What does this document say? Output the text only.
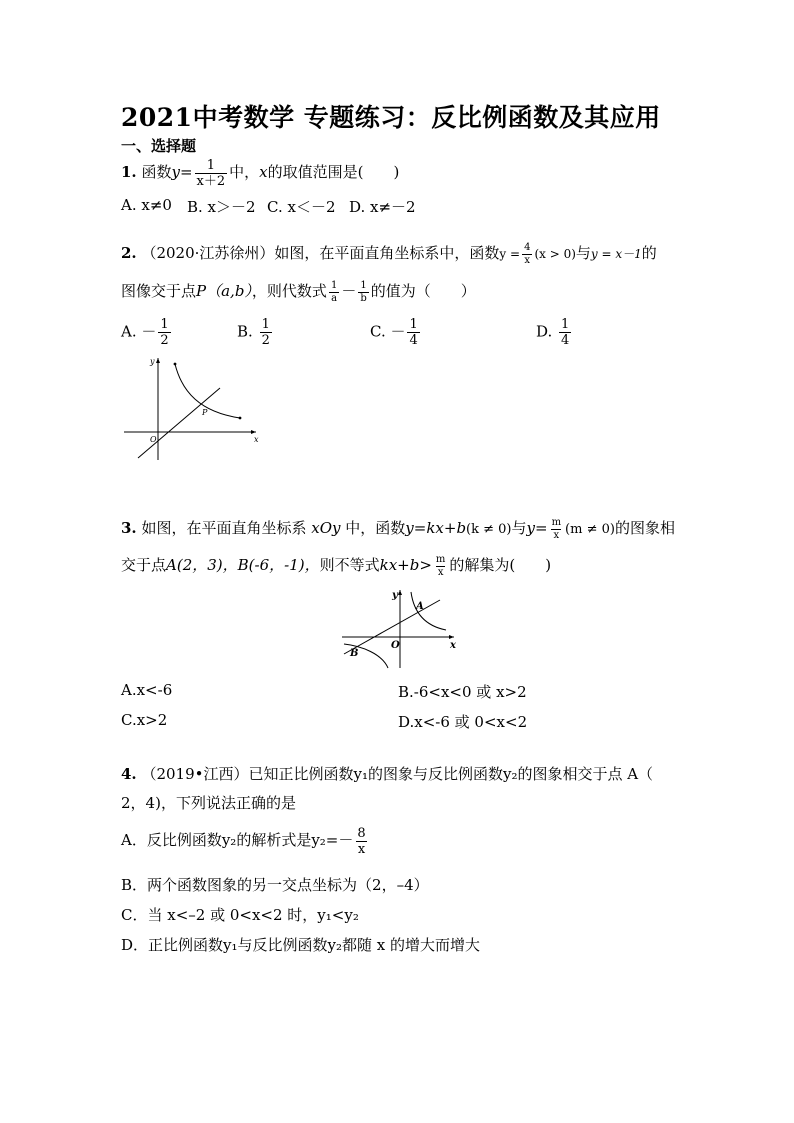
2021中考数学 专题练习：反比例函数及其应用
一、选择题
1. 函数$y= \frac{1}{x+2}$ 中，x的取值范围是(　　)
A. x≠0 B. x＞－2 C. x＜－2 D. x≠－2
2. （2020·江苏徐州）如图，在平面直角坐标系中，函数$y = \frac{4}{x} (x > 0)$与y = x－1的
图像交于点P（a,b），则代数式 $\frac{1}{a} - \frac{1}{b}$ 的值为（　　）
A. － $\frac{1}{2}$	B. $\frac{1}{2}$	C. － $\frac{1}{4}$	D. $\frac{1}{4}$
y
x
O
P
3. 如图，在平面直角坐标系 xOy 中，函数y=kx+b(k ≠ 0)与$y= \frac{m}{x} (m \ne 0)$的图象相
交于点A(2，3)，B(-6，-1)，则不等式$kx+b> \frac{m}{x}$ 的解集为(　　)
y
x
O
A
B
A.x<-6	B.-6<x<0 或 x>2
C.x>2	D.x<-6 或 0<x<2
4. （2019•江西）已知正比例函数y₁的图象与反比例函数y₂的图象相交于点 A（
2，4)，下列说法正确的是
A．反比例函数y₂的解析式是$y_2=- \frac{8}{x}$
B．两个函数图象的另一交点坐标为（2，–4）
C．当 x<–2 或 0<x<2 时，y₁<y₂
D．正比例函数y₁与反比例函数y₂都随 x 的增大而增大
